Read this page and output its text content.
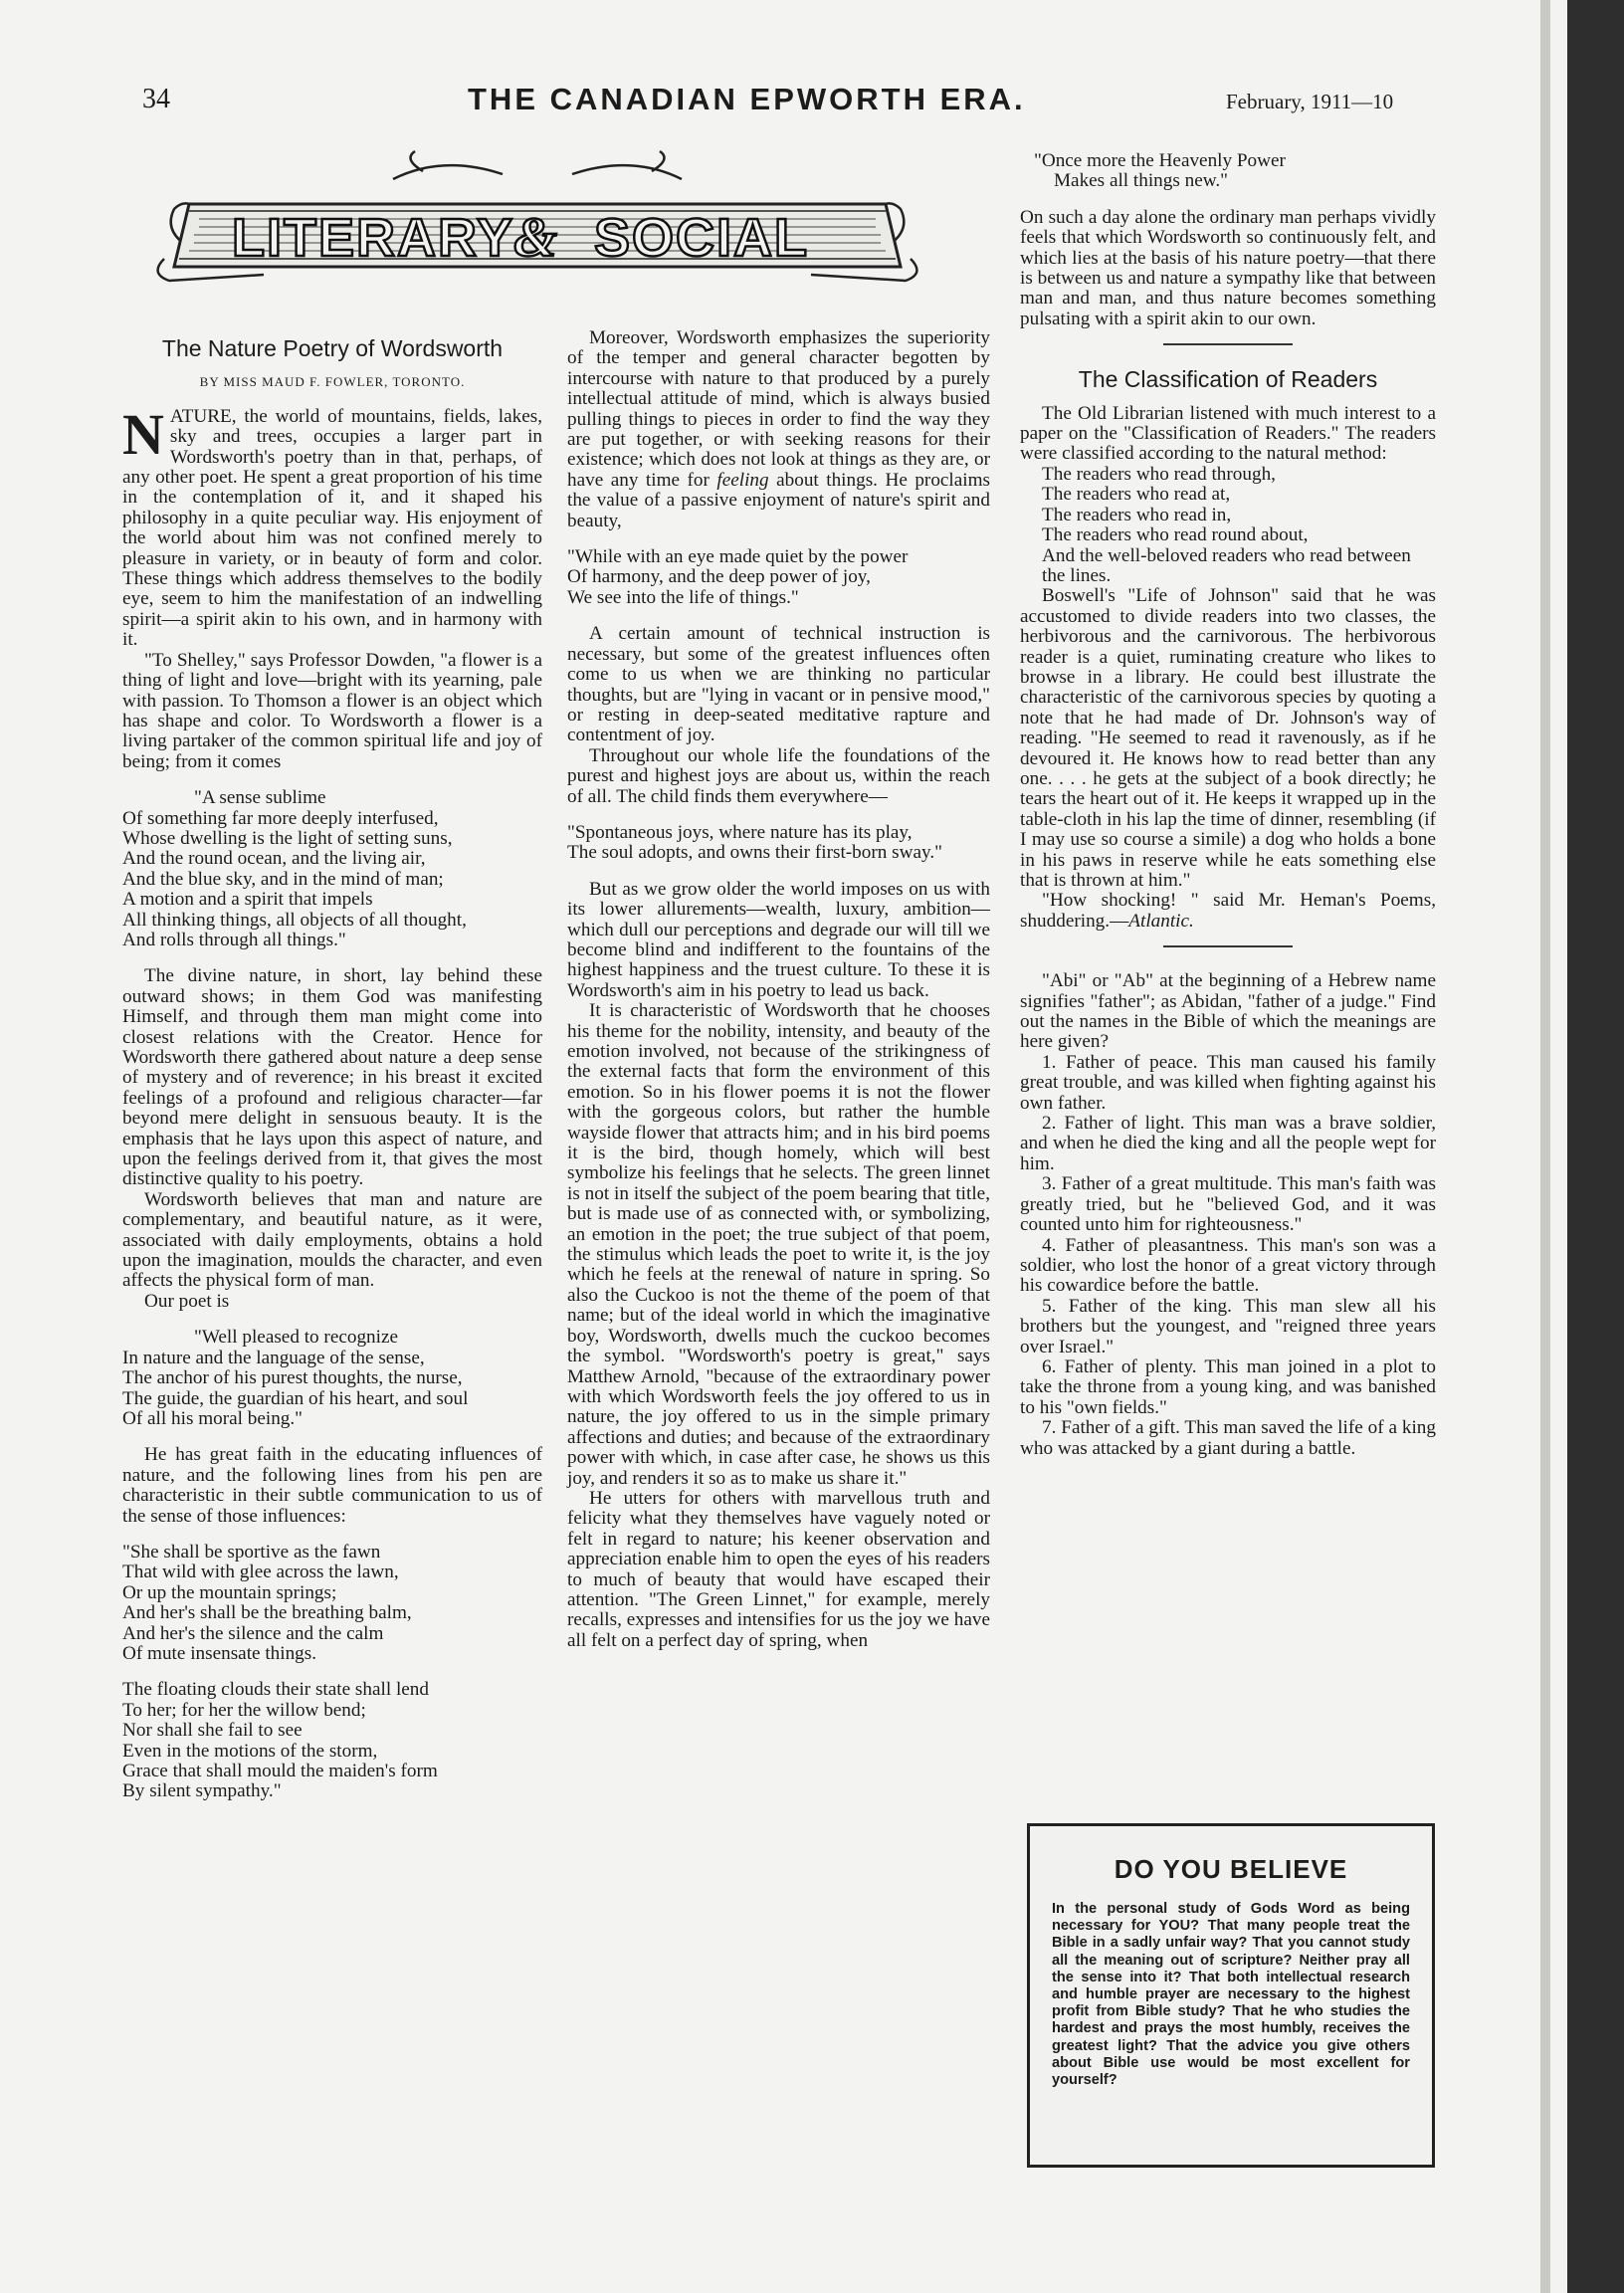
34	THE CANADIAN EPWORTH ERA.	February, 1911—10
LITERARY & SOCIAL
The Nature Poetry of Wordsworth
BY MISS MAUD F. FOWLER, TORONTO.

NATURE, the world of mountains, fields, lakes, sky and trees, occupies a larger part in Wordsworth's poetry than in that, perhaps, of any other poet. He spent a great proportion of his time in the contemplation of it, and it shaped his philosophy in a quite peculiar way. His enjoyment of the world about him was not confined merely to pleasure in variety, or in beauty of form and color. These things which address themselves to the bodily eye, seem to him the manifestation of an indwelling spirit—a spirit akin to his own, and in harmony with it.

"To Shelley," says Professor Dowden, "a flower is a thing of light and love—bright with its yearning, pale with passion. To Thomson a flower is an object which has shape and color. To Wordsworth a flower is a living partaker of the common spiritual life and joy of being; from it comes

"A sense sublime
Of something far more deeply interfused,
Whose dwelling is the light of setting suns,
And the round ocean, and the living air,
And the blue sky, and in the mind of man;
A motion and a spirit that impels
All thinking things, all objects of all thought,
And rolls through all things."

The divine nature, in short, lay behind these outward shows; in them God was manifesting Himself, and through them man might come into closest relations with the Creator. Hence for Wordsworth there gathered about nature a deep sense of mystery and of reverence; in his breast it excited feelings of a profound and religious character—far beyond mere delight in sensuous beauty. It is the emphasis that he lays upon this aspect of nature, and upon the feelings derived from it, that gives the most distinctive quality to his poetry.

Wordsworth believes that man and nature are complementary, and beautiful nature, as it were, associated with daily employments, obtains a hold upon the imagination, moulds the character, and even affects the physical form of man.

Our poet is

"Well pleased to recognize
In nature and the language of the sense,
The anchor of his purest thoughts, the nurse,
The guide, the guardian of his heart, and soul
Of all his moral being."

He has great faith in the educating influences of nature, and the following lines from his pen are characteristic in their subtle communication to us of the sense of those influences:

"She shall be sportive as the fawn
That wild with glee across the lawn,
Or up the mountain springs;
And her's shall be the breathing balm,
And her's the silence and the calm
Of mute insensate things.
The floating clouds their state shall lend
To her; for her the willow bend;
Nor shall she fail to see
Even in the motions of the storm,
Grace that shall mould the maiden's form
By silent sympathy."

Moreover, Wordsworth emphasizes the superiority of the temper and general character begotten by intercourse with nature to that produced by a purely intellectual attitude of mind, which is always busied pulling things to pieces in order to find the way they are put together, or with seeking reasons for their existence; which does not look at things as they are, or have any time for feeling about things. He proclaims the value of a passive enjoyment of nature's spirit and beauty,

"While with an eye made quiet by the power
Of harmony, and the deep power of joy,
We see into the life of things."

A certain amount of technical instruction is necessary, but some of the greatest influences often come to us when we are thinking no particular thoughts, but are "lying in vacant or in pensive mood," or resting in deep-seated meditative rapture and contentment of joy.

Throughout our whole life the foundations of the purest and highest joys are about us, within the reach of all. The child finds them everywhere—

"Spontaneous joys, where nature has its play,
The soul adopts, and owns their first-born sway."

But as we grow older the world imposes on us with its lower allurements—wealth, luxury, ambition—which dull our perceptions and degrade our will till we become blind and indifferent to the fountains of the highest happiness and the truest culture. To these it is Wordsworth's aim in his poetry to lead us back.

It is characteristic of Wordsworth that he chooses his theme for the nobility, intensity, and beauty of the emotion involved, not because of the strikingness of the external facts that form the environment of this emotion. So in his flower poems it is not the flower with the gorgeous colors, but rather the humble wayside flower that attracts him; and in his bird poems it is the bird, though homely, which will best symbolize his feelings that he selects. The green linnet is not in itself the subject of the poem bearing that title, but is made use of as connected with, or symbolizing, an emotion in the poet; the true subject of that poem, the stimulus which leads the poet to write it, is the joy which he feels at the renewal of nature in spring. So also the Cuckoo is not the theme of the poem of that name; but of the ideal world in which the imaginative boy, Wordsworth, dwells much the cuckoo becomes the symbol. "Wordsworth's poetry is great," says Matthew Arnold, "because of the extraordinary power with which Wordsworth feels the joy offered to us in nature, the joy offered to us in the simple primary affections and duties; and because of the extraordinary power with which, in case after case, he shows us this joy, and renders it so as to make us share it."

He utters for others with marvellous truth and felicity what they themselves have vaguely noted or felt in regard to nature; his keener observation and appreciation enable him to open the eyes of his readers to much of beauty that would have escaped their attention. "The Green Linnet," for example, merely recalls, expresses and intensifies for us the joy we have all felt on a perfect day of spring, when

"Once more the Heavenly Power
Makes all things new."

On such a day alone the ordinary man perhaps vividly feels that which Wordsworth so continuously felt, and which lies at the basis of his nature poetry—that there is between us and nature a sympathy like that between man and man, and thus nature becomes something pulsating with a spirit akin to our own.

The Classification of Readers

The Old Librarian listened with much interest to a paper on the "Classification of Readers." The readers were classified according to the natural method:

The readers who read through,
The readers who read at,
The readers who read in,
The readers who read round about,
And the well-beloved readers who read between the lines.

Boswell's "Life of Johnson" said that he was accustomed to divide readers into two classes, the herbivorous and the carnivorous. The herbivorous reader is a quiet, ruminating creature who likes to browse in a library. He could best illustrate the characteristic of the carnivorous species by quoting a note that he had made of Dr. Johnson's way of reading. "He seemed to read it ravenously, as if he devoured it. He knows how to read better than any one. . . . he gets at the subject of a book directly; he tears the heart out of it. He keeps it wrapped up in the table-cloth in his lap the time of dinner, resembling (if I may use so course a simile) a dog who holds a bone in his paws in reserve while he eats something else that is thrown at him."

"How shocking! " said Mr. Heman's Poems, shuddering.—Atlantic.

"Abi" or "Ab" at the beginning of a Hebrew name signifies "father"; as Abidan, "father of a judge." Find out the names in the Bible of which the meanings are here given?

1. Father of peace. This man caused his family great trouble, and was killed when fighting against his own father.

2. Father of light. This man was a brave soldier, and when he died the king and all the people wept for him.

3. Father of a great multitude. This man's faith was greatly tried, but he "believed God, and it was counted unto him for righteousness."

4. Father of pleasantness. This man's son was a soldier, who lost the honor of a great victory through his cowardice before the battle.

5. Father of the king. This man slew all his brothers but the youngest, and "reigned three years over Israel."

6. Father of plenty. This man joined in a plot to take the throne from a young king, and was banished to his "own fields."

7. Father of a gift. This man saved the life of a king who was attacked by a giant during a battle.

DO YOU BELIEVE
In the personal study of Gods Word as being necessary for YOU? That many people treat the Bible in a sadly unfair way? That you cannot study all the meaning out of scripture? Neither pray all the sense into it? That both intellectual research and humble prayer are necessary to the highest profit from Bible study? That he who studies the hardest and prays the most humbly, receives the greatest light? That the advice you give others about Bible use would be most excellent for yourself?
